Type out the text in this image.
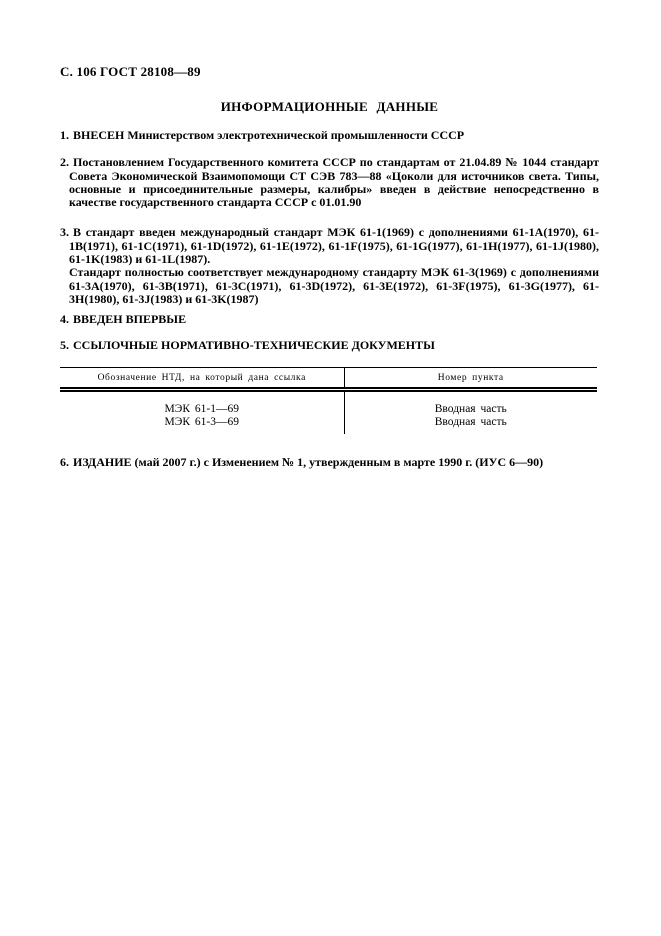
С. 106 ГОСТ 28108—89
ИНФОРМАЦИОННЫЕ ДАННЫЕ

1. ВНЕСЕН Министерством электротехнической промышленности СССР

2. Постановлением Государственного комитета СССР по стандартам от 21.04.89 № 1044 стандарт Совета Экономической Взаимопомощи СТ СЭВ 783—88 «Цоколи для источников света. Типы, основные и присоединительные размеры, калибры» введен в действие непосредственно в качестве государственного стандарта СССР с 01.01.90

3. В стандарт введен международный стандарт МЭК 61-1(1969) с дополнениями 61-1A(1970), 61-1B(1971), 61-1C(1971), 61-1D(1972), 61-1E(1972), 61-1F(1975), 61-1G(1977), 61-1H(1977), 61-1J(1980), 61-1K(1983) и 61-1L(1987).

Стандарт полностью соответствует международному стандарту МЭК 61-3(1969) с дополнениями 61-3A(1970), 61-3B(1971), 61-3C(1971), 61-3D(1972), 61-3E(1972), 61-3F(1975), 61-3G(1977), 61-3H(1980), 61-3J(1983) и 61-3K(1987)

4. ВВЕДЕН ВПЕРВЫЕ

5. ССЫЛОЧНЫЕ НОРМАТИВНО-ТЕХНИЧЕСКИЕ ДОКУМЕНТЫ

Обозначение НТД, на который дана ссылка	Номер пункта
МЭК 61-1—69	Вводная часть
МЭК 61-3—69	Вводная часть

6. ИЗДАНИЕ (май 2007 г.) с Изменением № 1, утвержденным в марте 1990 г. (ИУС 6—90)
